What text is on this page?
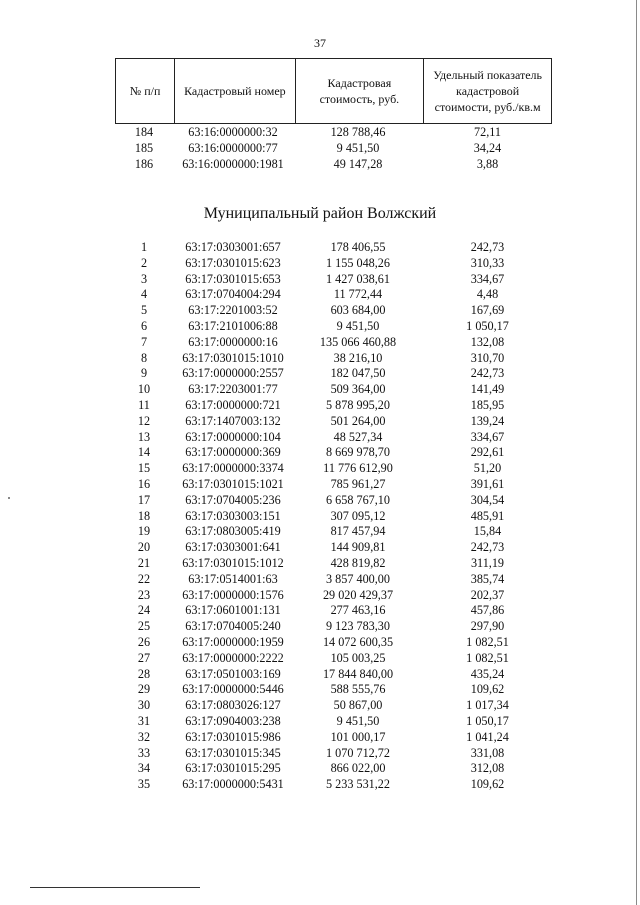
37
№ п/п	Кадастровый номер	Кадастровая стоимость, руб.	Удельный показатель кадастровой стоимости, руб./кв.м
184	63:16:0000000:32	128 788,46	72,11
185	63:16:0000000:77	9 451,50	34,24
186	63:16:0000000:1981	49 147,28	3,88
Муниципальный район Волжский
1	63:17:0303001:657	178 406,55	242,73
2	63:17:0301015:623	1 155 048,26	310,33
3	63:17:0301015:653	1 427 038,61	334,67
4	63:17:0704004:294	11 772,44	4,48
5	63:17:2201003:52	603 684,00	167,69
6	63:17:2101006:88	9 451,50	1 050,17
7	63:17:0000000:16	135 066 460,88	132,08
8	63:17:0301015:1010	38 216,10	310,70
9	63:17:0000000:2557	182 047,50	242,73
10	63:17:2203001:77	509 364,00	141,49
11	63:17:0000000:721	5 878 995,20	185,95
12	63:17:1407003:132	501 264,00	139,24
13	63:17:0000000:104	48 527,34	334,67
14	63:17:0000000:369	8 669 978,70	292,61
15	63:17:0000000:3374	11 776 612,90	51,20
16	63:17:0301015:1021	785 961,27	391,61
17	63:17:0704005:236	6 658 767,10	304,54
18	63:17:0303003:151	307 095,12	485,91
19	63:17:0803005:419	817 457,94	15,84
20	63:17:0303001:641	144 909,81	242,73
21	63:17:0301015:1012	428 819,82	311,19
22	63:17:0514001:63	3 857 400,00	385,74
23	63:17:0000000:1576	29 020 429,37	202,37
24	63:17:0601001:131	277 463,16	457,86
25	63:17:0704005:240	9 123 783,30	297,90
26	63:17:0000000:1959	14 072 600,35	1 082,51
27	63:17:0000000:2222	105 003,25	1 082,51
28	63:17:0501003:169	17 844 840,00	435,24
29	63:17:0000000:5446	588 555,76	109,62
30	63:17:0803026:127	50 867,00	1 017,34
31	63:17:0904003:238	9 451,50	1 050,17
32	63:17:0301015:986	101 000,17	1 041,24
33	63:17:0301015:345	1 070 712,72	331,08
34	63:17:0301015:295	866 022,00	312,08
35	63:17:0000000:5431	5 233 531,22	109,62
